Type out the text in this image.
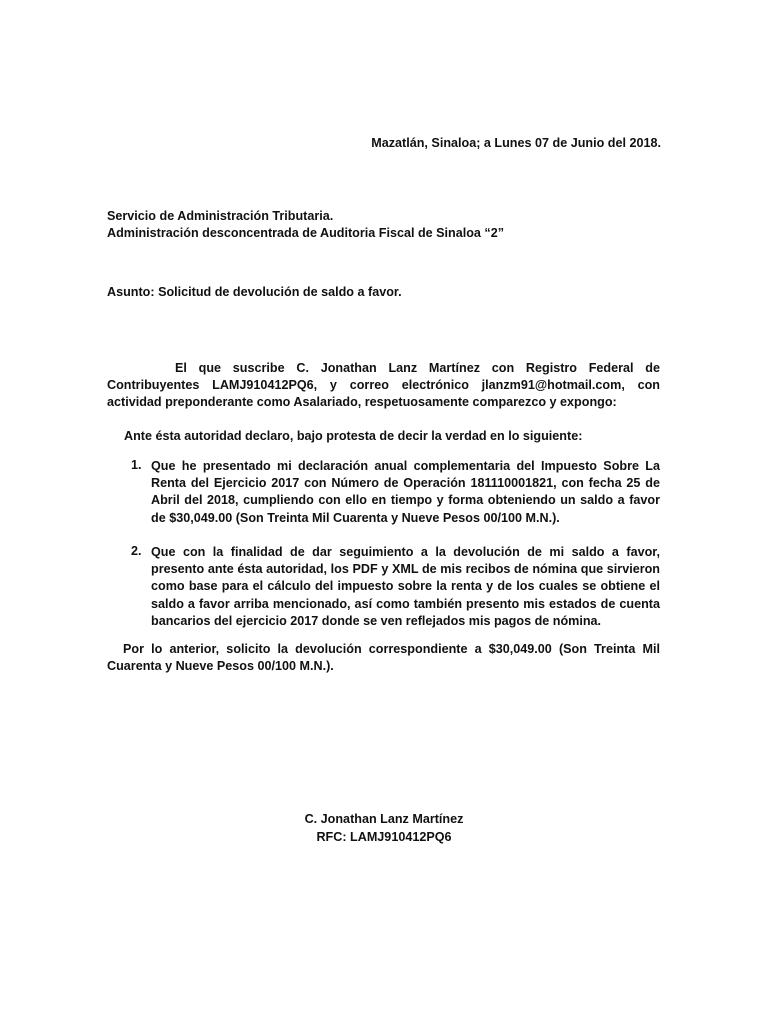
Mazatlán, Sinaloa; a Lunes 07 de Junio del 2018.
Servicio de Administración Tributaria.
Administración desconcentrada de Auditoria Fiscal de Sinaloa “2”
Asunto: Solicitud de devolución de saldo a favor.
El que suscribe C. Jonathan Lanz Martínez con Registro Federal de Contribuyentes LAMJ910412PQ6, y correo electrónico jlanzm91@hotmail.com, con actividad preponderante como Asalariado, respetuosamente comparezco y expongo:
Ante ésta autoridad declaro, bajo protesta de decir la verdad en lo siguiente:
1. Que he presentado mi declaración anual complementaria del Impuesto Sobre La Renta del Ejercicio 2017 con Número de Operación 181110001821, con fecha 25 de Abril del 2018, cumpliendo con ello en tiempo y forma obteniendo un saldo a favor de $30,049.00 (Son Treinta Mil Cuarenta y Nueve Pesos 00/100 M.N.).
2. Que con la finalidad de dar seguimiento a la devolución de mi saldo a favor, presento ante ésta autoridad, los PDF y XML de mis recibos de nómina que sirvieron como base para el cálculo del impuesto sobre la renta y de los cuales se obtiene el saldo a favor arriba mencionado, así como también presento mis estados de cuenta bancarios del ejercicio 2017 donde se ven reflejados mis pagos de nómina.
Por lo anterior, solicito la devolución correspondiente a $30,049.00 (Son Treinta Mil Cuarenta y Nueve Pesos 00/100 M.N.).
C. Jonathan Lanz Martínez
RFC: LAMJ910412PQ6
